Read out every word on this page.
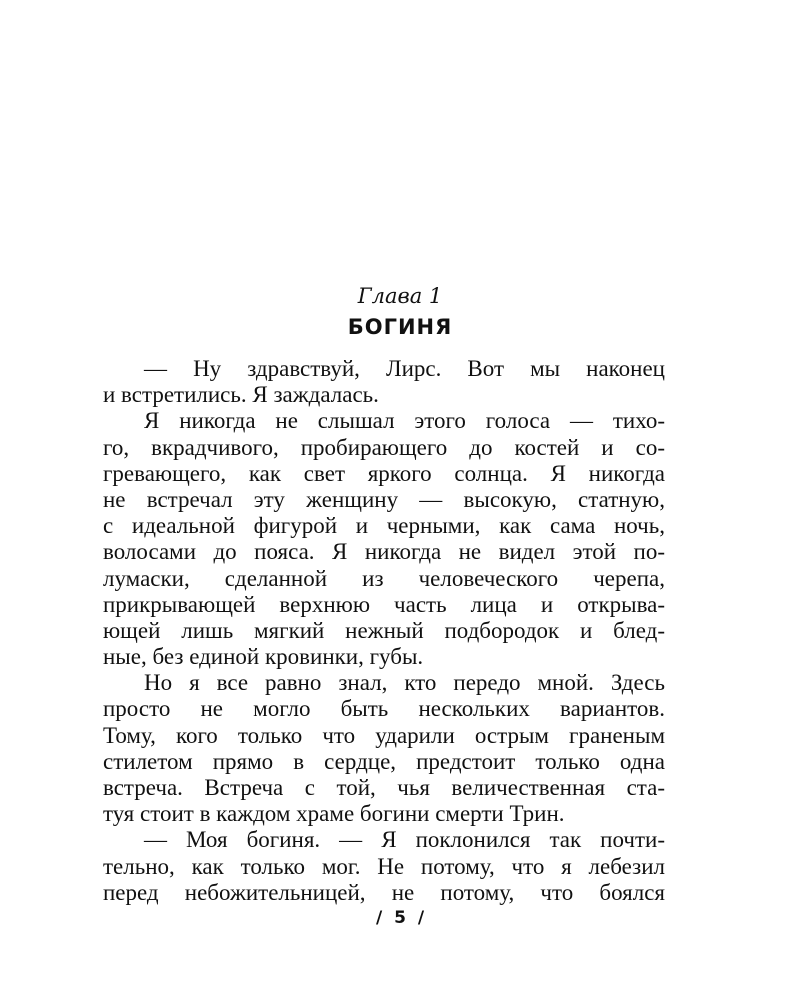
Глава 1
БОГИНЯ
— Ну здравствуй, Лирс. Вот мы наконец
и встретились. Я заждалась.
Я никогда не слышал этого голоса — тихо-
го, вкрадчивого, пробирающего до костей и со-
гревающего, как свет яркого солнца. Я никогда
не встречал эту женщину — высокую, статную,
с идеальной фигурой и черными, как сама ночь,
волосами до пояса. Я никогда не видел этой по-
лумаски, сделанной из человеческого черепа,
прикрывающей верхнюю часть лица и открыва-
ющей лишь мягкий нежный подбородок и блед-
ные, без единой кровинки, губы.
Но я все равно знал, кто передо мной. Здесь
просто не могло быть нескольких вариантов.
Тому, кого только что ударили острым граненым
стилетом прямо в сердце, предстоит только одна
встреча. Встреча с той, чья величественная ста-
туя стоит в каждом храме богини смерти Трин.
— Моя богиня. — Я поклонился так почти-
тельно, как только мог. Не потому, что я лебезил
перед небожительницей, не потому, что боялся
/ 5 /
